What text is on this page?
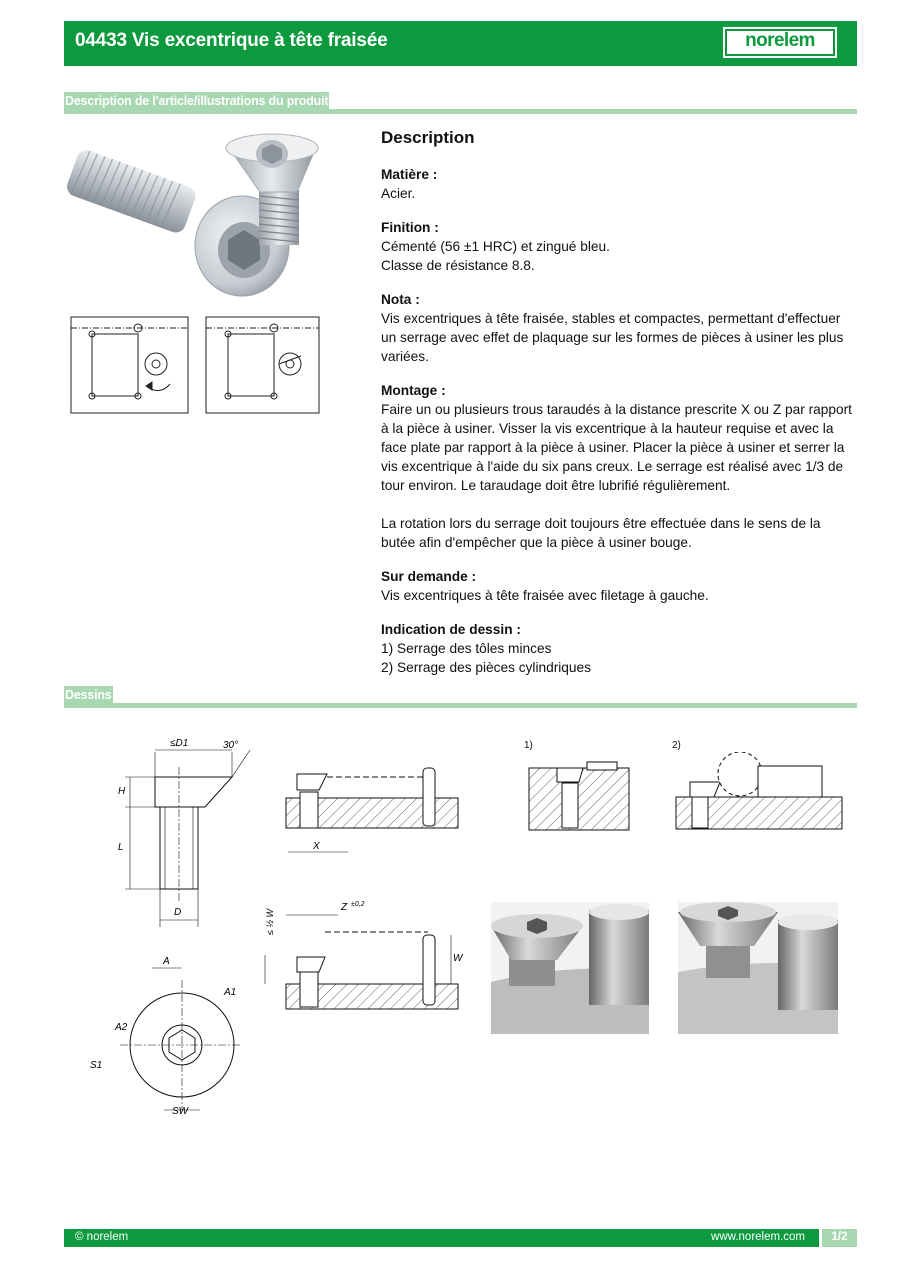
04433 Vis excentrique à tête fraisée	norelem
Description de l'article/illustrations du produit
Description
Matière :

Acier.

Finition :

Cémenté (56 ±1 HRC) et zingué bleu.

Classe de résistance 8.8.

Nota :

Vis excentriques à tête fraisée, stables et compactes, permettant d'effectuer un serrage avec effet de plaquage sur les formes de pièces à usiner les plus variées.

Montage :

Faire un ou plusieurs trous taraudés à la distance prescrite X ou Z par rapport à la pièce à usiner. Visser la vis excentrique à la hauteur requise et avec la face plate par rapport à la pièce à usiner. Placer la pièce à usiner et serrer la vis excentrique à l'aide du six pans creux. Le serrage est réalisé avec 1/3 de tour environ. Le taraudage doit être lubrifié régulièrement.

La rotation lors du serrage doit toujours être effectuée dans le sens de la butée afin d'empêcher que la pièce à usiner bouge.

Sur demande :

Vis excentriques à tête fraisée avec filetage à gauche.

Indication de dessin :

1) Serrage des tôles minces

2) Serrage des pièces cylindriques

Dessins
≤D1	30°
H
L
D
A
A1
A2
S1
SW
X
Z ±0,2
≤ ½ W
W
1)	2)
© norelem	www.norelem.com	1/2
